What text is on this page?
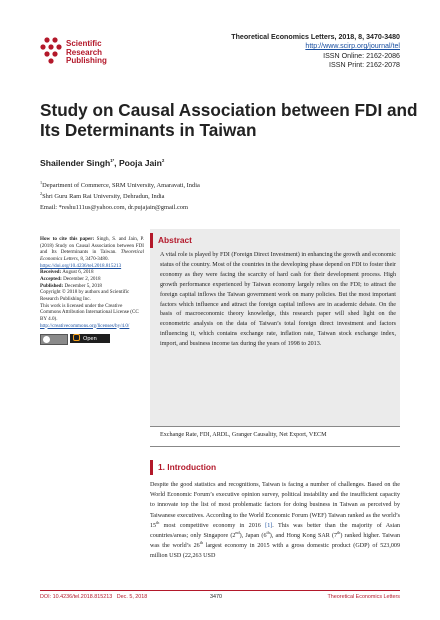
Scientific
Research
Publishing
Theoretical Economics Letters, 2018, 8, 3470-3480
http://www.scirp.org/journal/tel
ISSN Online: 2162-2086
ISSN Print: 2162-2078
Study on Causal Association between FDI and
Its Determinants in Taiwan
Shailender Singh$^{1*}$, Pooja Jain$^2$
$^1$Department of Commerce, SRM University, Amaravati, India
$^2$Shri Guru Ram Rai University, Dehradun, India
Email: *reshu111us@yahoo.com, dr.pujajain@gmail.com

How to cite this paper: Singh, S. and Jain, P. (2018) Study on Causal Association between FDI and Its Determinants in Taiwan. Theoretical Economics Letters, 8, 3470-3480.
https://doi.org/10.4236/tel.2018.815213

Received: August 6, 2018

Accepted: December 2, 2018

Published: December 5, 2018

Copyright © 2018 by authors and Scientific Research Publishing Inc.

This work is licensed under the Creative Commons Attribution International License (CC BY 4.0).

http://creativecommons.org/licenses/by/4.0/

Open Access
Abstract

A vital role is played by FDI (Foreign Direct Investment) in enhancing the growth and economic status of the country. Most of the countries in the developing phase depend on FDI to foster their economy as they were facing the scarcity of hard cash for their development process. High growth performance experienced by Taiwan economy largely relies on the FDI; to attract the foreign capital inflows the Taiwan government work on many policies. But the most important factors which influence and attract the foreign capital inflows are in academic debate. On the basis of macroeconomic theory knowledge, this research paper will shed light on the econometric analysis on the data of Taiwan’s total foreign direct investment and factors influencing it, which contains exchange rate, inflation rate, Taiwan stock exchange index, import, and business income tax during the years of 1998 to 2013.

Exchange Rate, FDI, ARDL, Granger Causality, Net Export, VECM
1. Introduction

Despite the good statistics and recognitions, Taiwan is facing a number of challenges. Based on the World Economic Forum’s executive opinion survey, political instability and the insufficient capacity to innovate top the list of most problematic factors for doing business in Taiwan as perceived by Taiwanese executives. According to the World Economic Forum (WEF) Taiwan ranked as the world’s 15th most competitive economy in 2016 [1]. This was better than the majority of Asian countries/areas; only Singapore (2nd), Japan (6th), and Hong Kong SAR (7th) ranked higher. Taiwan was the world’s 26th largest economy in 2015 with a gross domestic product (GDP) of 523,009 million USD (22,263 USD

DOI: 10.4236/tel.2018.815213 Dec. 5, 2018	3470	Theoretical Economics Letters
